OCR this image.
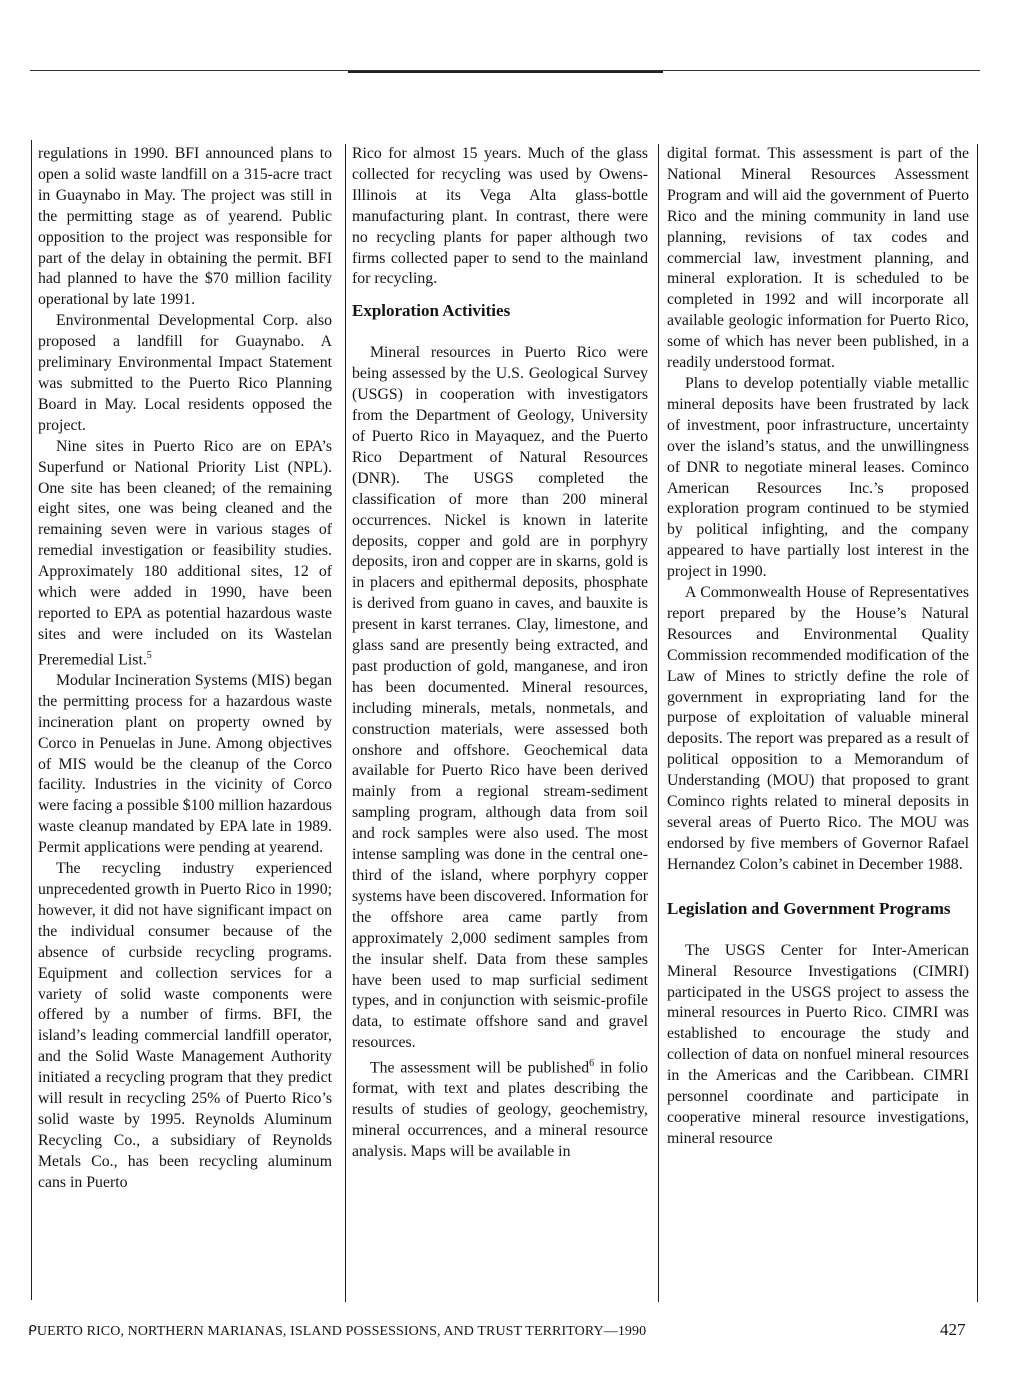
regulations in 1990. BFI announced plans to open a solid waste landfill on a 315-acre tract in Guaynabo in May. The project was still in the permitting stage as of yearend. Public opposition to the project was responsible for part of the delay in obtaining the permit. BFI had planned to have the $70 million facility operational by late 1991.

Environmental Developmental Corp. also proposed a landfill for Guaynabo. A preliminary Environmental Impact Statement was submitted to the Puerto Rico Planning Board in May. Local residents opposed the project.

Nine sites in Puerto Rico are on EPA’s Superfund or National Priority List (NPL). One site has been cleaned; of the remaining eight sites, one was being cleaned and the remaining seven were in various stages of remedial investigation or feasibility studies. Approximately 180 additional sites, 12 of which were added in 1990, have been reported to EPA as potential hazardous waste sites and were included on its Wastelan Preremedial List.$^5$

Modular Incineration Systems (MIS) began the permitting process for a hazardous waste incineration plant on property owned by Corco in Penuelas in June. Among objectives of MIS would be the cleanup of the Corco facility. Industries in the vicinity of Corco were facing a possible $100 million hazardous waste cleanup mandated by EPA late in 1989. Permit applications were pending at yearend.

The recycling industry experienced unprecedented growth in Puerto Rico in 1990; however, it did not have significant impact on the individual consumer because of the absence of curbside recycling programs. Equipment and collection services for a variety of solid waste components were offered by a number of firms. BFI, the island’s leading commercial landfill operator, and the Solid Waste Management Authority initiated a recycling program that they predict will result in recycling 25% of Puerto Rico’s solid waste by 1995. Reynolds Aluminum Recycling Co., a subsidiary of Reynolds Metals Co., has been recycling aluminum cans in Puerto

Rico for almost 15 years. Much of the glass collected for recycling was used by Owens-Illinois at its Vega Alta glass-bottle manufacturing plant. In contrast, there were no recycling plants for paper although two firms collected paper to send to the mainland for recycling.

Exploration Activities

Mineral resources in Puerto Rico were being assessed by the U.S. Geological Survey (USGS) in cooperation with investigators from the Department of Geology, University of Puerto Rico in Mayaquez, and the Puerto Rico Department of Natural Resources (DNR). The USGS completed the classification of more than 200 mineral occurrences. Nickel is known in laterite deposits, copper and gold are in porphyry deposits, iron and copper are in skarns, gold is in placers and epithermal deposits, phosphate is derived from guano in caves, and bauxite is present in karst terranes. Clay, limestone, and glass sand are presently being extracted, and past production of gold, manganese, and iron has been documented. Mineral resources, including minerals, metals, nonmetals, and construction materials, were assessed both onshore and offshore. Geochemical data available for Puerto Rico have been derived mainly from a regional stream-sediment sampling program, although data from soil and rock samples were also used. The most intense sampling was done in the central one-third of the island, where porphyry copper systems have been discovered. Information for the offshore area came partly from approximately 2,000 sediment samples from the insular shelf. Data from these samples have been used to map surficial sediment types, and in conjunction with seismic-profile data, to estimate offshore sand and gravel resources.

The assessment will be published$^6$ in folio format, with text and plates describing the results of studies of geology, geochemistry, mineral occurrences, and a mineral resource analysis. Maps will be available in

digital format. This assessment is part of the National Mineral Resources Assessment Program and will aid the government of Puerto Rico and the mining community in land use planning, revisions of tax codes and commercial law, investment planning, and mineral exploration. It is scheduled to be completed in 1992 and will incorporate all available geologic information for Puerto Rico, some of which has never been published, in a readily understood format.

Plans to develop potentially viable metallic mineral deposits have been frustrated by lack of investment, poor infrastructure, uncertainty over the island’s status, and the unwillingness of DNR to negotiate mineral leases. Cominco American Resources Inc.’s proposed exploration program continued to be stymied by political infighting, and the company appeared to have partially lost interest in the project in 1990.

A Commonwealth House of Representatives report prepared by the House’s Natural Resources and Environmental Quality Commission recommended modification of the Law of Mines to strictly define the role of government in expropriating land for the purpose of exploitation of valuable mineral deposits. The report was prepared as a result of political opposition to a Memorandum of Understanding (MOU) that proposed to grant Cominco rights related to mineral deposits in several areas of Puerto Rico. The MOU was endorsed by five members of Governor Rafael Hernandez Colon’s cabinet in December 1988.

Legislation and Government Programs

The USGS Center for Inter-American Mineral Resource Investigations (CIMRI) participated in the USGS project to assess the mineral resources in Puerto Rico. CIMRI was established to encourage the study and collection of data on nonfuel mineral resources in the Americas and the Caribbean. CIMRI personnel coordinate and participate in cooperative mineral resource investigations, mineral resource

ᑭUERTO RICO, NORTHERN MARIANAS, ISLAND POSSESSIONS, AND TRUST TERRITORY—1990	427
